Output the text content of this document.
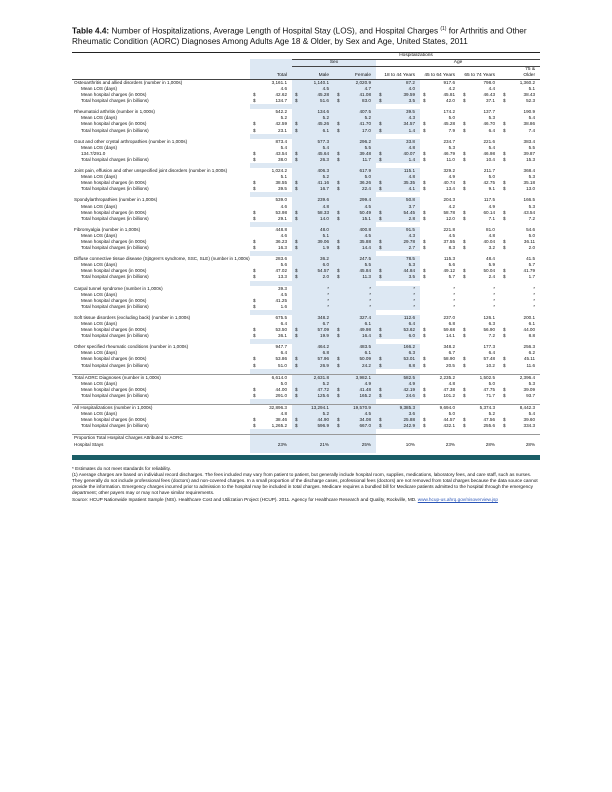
Table 4.4: Number of Hospitalizations, Average Length of Hospital Stay (LOS), and Hospital Charges $^{(1)}$ for Arthritis and Other Rheumatic Condition (AORC) Diagnoses Among Adults Age 18 & Older, by Sex and Age, United States, 2011
		Hospitalizations					
		Sex		Age			
							75 &
	Total	Male	Female	18 to 44 Years	45 to 64 Years	65 to 74 Years	Older
Osteoarthritis and allied disorders (number in 1,000s)	3,161.1	1,140.1	2,020.9	87.2	917.6	798.0	1,360.2
Mean LOS (days)	4.6	4.5	4.7	4.0	4.2	4.4	5.1
Mean hospital charges (in 000s)	$ 42.62	$ 45.28	$ 41.08	$ 39.59	$ 45.81	$ 46.43	$ 38.43
Total hospital charges (in billions)	$ 134.7	$ 51.6	$ 83.0	$ 3.5	$ 42.0	$ 37.1	$ 52.3

Rheumatoid arthritis (number in 1,000s)	542.2	134.6	407.5	39.5	174.2	137.7	190.9
Mean LOS (days)	5.2	5.2	5.2	4.3	5.0	5.3	5.4
Mean hospital charges (in 000s)	$ 42.59	$ 45.26	$ 41.70	$ 34.57	$ 45.28	$ 46.70	$ 38.86
Total hospital charges (in billions)	$ 23.1	$ 6.1	$ 17.0	$ 1.4	$ 7.9	$ 6.4	$ 7.4

Gout and other crystal arthropathies (number in 1,000s)	873.4	577.3	296.2	33.8	234.7	221.6	383.4
Mean LOS (days)	5.4	5.4	5.5	4.8	5.3	5.4	5.5
134.7/291.0	$ 43.54	$ 45.64	$ 39.48	$ 40.07	$ 46.79	$ 46.98	$ 39.87
Total hospital charges (in billions)	$ 38.0	$ 26.3	$ 11.7	$ 1.4	$ 11.0	$ 10.4	$ 15.3

Joint pain, effusion and other unspecified joint disorders (number in 1,000s)	1,024.2	406.3	617.9	115.1	329.2	211.7	368.4
Mean LOS (days)	5.1	5.2	5.0	4.8	4.9	5.0	5.3
Mean hospital charges (in 000s)	$ 38.55	$ 41.16	$ 36.26	$ 35.35	$ 40.74	$ 42.75	$ 35.18
Total hospital charges (in billions)	$ 39.5	$ 16.7	$ 22.4	$ 4.1	$ 13.4	$ 9.1	$ 13.0

Spondylarthropathies (number in 1,000s)	539.0	239.6	299.4	50.8	204.3	117.5	166.5
Mean LOS (days)	4.6	4.8	4.5	3.7	4.2	4.9	5.3
Mean hospital charges (in 000s)	$ 53.98	$ 58.33	$ 50.49	$ 54.45	$ 58.78	$ 60.14	$ 43.54
Total hospital charges (in billions)	$ 29.1	$ 14.0	$ 15.1	$ 2.8	$ 12.0	$ 7.1	$ 7.2

Fibromyalgia (number in 1,000s)	448.8	48.0	400.8	91.5	221.8	81.0	54.6
Mean LOS (days)	4.6	5.1	4.5	4.3	4.5	4.8	5.0
Mean hospital charges (in 000s)	$ 36.23	$ 39.06	$ 35.88	$ 29.78	$ 37.55	$ 40.04	$ 36.11
Total hospital charges (in billions)	$ 16.3	$ 1.9	$ 14.4	$ 2.7	$ 8.3	$ 3.2	$ 2.0

Diffuse connective tissue disease (Sjögren's syndrome, SSC, SLE) (number in 1,000s)	283.6	36.2	247.5	78.5	115.3	48.4	41.5
Mean LOS (days)	5.6	6.0	5.5	5.3	5.6	5.9	5.7
Mean hospital charges (in 000s)	$ 47.02	$ 54.57	$ 45.84	$ 44.84	$ 49.12	$ 50.04	$ 41.79
Total hospital charges (in billions)	$ 13.3	$ 2.0	$ 11.3	$ 3.5	$ 5.7	$ 2.4	$ 1.7

Carpal tunnel syndrome (number in 1,000s)	39.3	*	*	*	*	*	*
Mean LOS (days)	4.5	*	*	*	*	*	*
Mean hospital charges (in 000s)	$ 41.25	*	*	*	*	*	*
Total hospital charges (in billions)	$ 1.6	*	*	*	*	*	*

Soft tissue disorders (excluding back) (number in 1,000s)	675.5	348.2	327.4	112.6	237.0	126.1	200.1
Mean LOS (days)	6.4	6.7	6.1	6.4	6.8	6.3	6.1
Mean hospital charges (in 000s)	$ 53.50	$ 57.09	$ 49.98	$ 53.62	$ 59.68	$ 56.90	$ 44.00
Total hospital charges (in billions)	$ 36.1	$ 19.9	$ 16.4	$ 6.0	$ 14.1	$ 7.2	$ 8.8

Other specified rheumatic conditions (number in 1,000s)	947.7	464.2	483.5	166.2	348.2	177.3	256.3
Mean LOS (days)	6.4	6.8	6.1	6.3	6.7	6.4	6.2
Mean hospital charges (in 000s)	$ 53.86	$ 57.96	$ 50.09	$ 53.01	$ 58.90	$ 57.48	$ 45.11
Total hospital charges (in billions)	$ 51.0	$ 26.9	$ 24.2	$ 8.8	$ 20.5	$ 10.2	$ 11.6

Total AORC Diagnoses (number in 1,000s)	6,614.0	2,631.8	3,982.1	582.5	2,235.2	1,502.5	2,396.4
Mean LOS (days)	5.0	5.2	4.9	4.9	4.8	5.0	5.3
Mean hospital charges (in 000s)	$ 44.00	$ 47.72	$ 41.48	$ 42.19	$ 47.38	$ 47.75	$ 39.09
Total hospital charges (in billions)	$ 291.0	$ 125.6	$ 165.2	$ 24.6	$ 101.2	$ 71.7	$ 93.7

All Hospitalizations (number in 1,000s)	32,896.3	13,294.1	19,570.9	9,385.3	9,694.0	5,374.3	8,442.3
Mean LOS (days)	4.8	5.2	4.5	3.6	5.0	5.2	5.4
Mean hospital charges (in 000s)	$ 38.46	$ 44.90	$ 34.08	$ 25.88	$ 44.57	$ 47.56	$ 39.60
Total hospital charges (in billions)	$ 1,265.2	$ 596.9	$ 667.0	$ 242.9	$ 432.1	$ 255.6	$ 334.3

Proportion Total Hospital Charges Attributed to AORC							
Hospital Stays	23%	21%	25%	10%	23%	28%	28%

* Estimates do not meet standards for reliability.

(1) Average charges are based on individual record discharges. The fees included may vary from patient to patient, but generally include hospital room, supplies, medications, laboratory fees, and care staff, such as nurses. They generally do not include professional fees (doctors) and non-covered charges. In a small proportion of the discharge cases, professional fees (doctors) are not removed from total charges because the data source cannot provide the information. Emergency charges incurred prior to admission to the hospital may be included in total charges. Medicare requires a bundled bill for Medicare patients admitted to the hospital through the emergency department; other payers may or may not have similar requirements.

Source: HCUP Nationwide Inpatient Sample (NIS). Healthcare Cost and Utilization Project (HCUP). 2011. Agency for Healthcare Research and Quality, Rockville, MD. www.hcup-us.ahrq.gov/nisoverview.jsp
